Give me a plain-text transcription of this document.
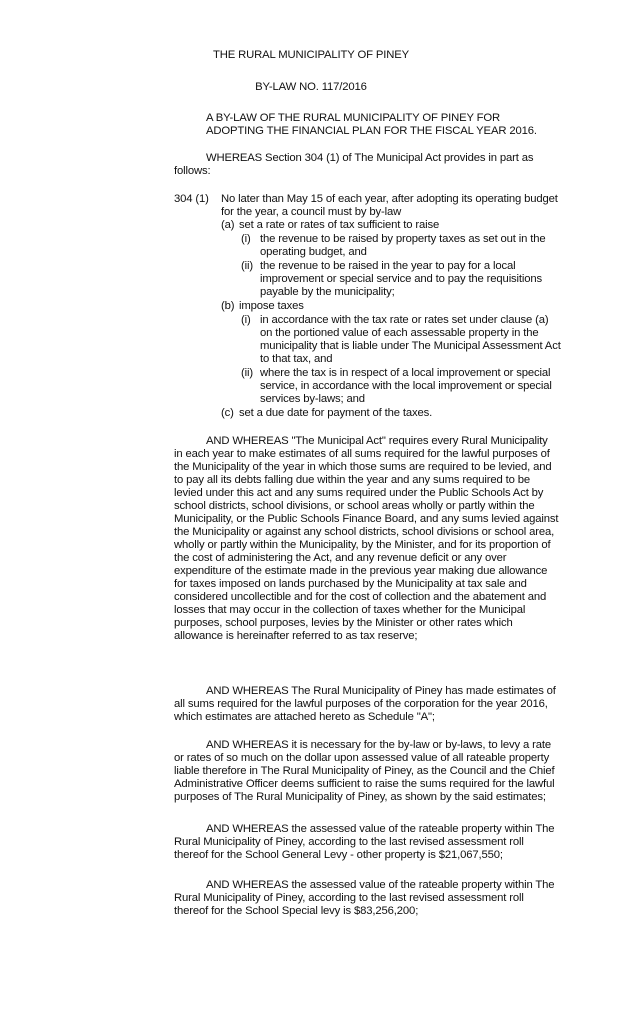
THE RURAL MUNICIPALITY OF PINEY
BY-LAW NO. 117/2016
A BY-LAW OF THE RURAL MUNICIPALITY OF PINEY FOR
ADOPTING THE FINANCIAL PLAN FOR THE FISCAL YEAR 2016.
WHEREAS Section 304 (1) of The Municipal Act provides in part as
follows:
304 (1) No later than May 15 of each year, after adopting its operating budget
for the year, a council must by by-law
(a) set a rate or rates of tax sufficient to raise
(i) the revenue to be raised by property taxes as set out in the
operating budget, and
(ii) the revenue to be raised in the year to pay for a local
improvement or special service and to pay the requisitions
payable by the municipality;
(b) impose taxes
(i) in accordance with the tax rate or rates set under clause (a)
on the portioned value of each assessable property in the
municipality that is liable under The Municipal Assessment Act
to that tax, and
(ii) where the tax is in respect of a local improvement or special
service, in accordance with the local improvement or special
services by-laws; and
(c) set a due date for payment of the taxes.
AND WHEREAS "The Municipal Act" requires every Rural Municipality
in each year to make estimates of all sums required for the lawful purposes of
the Municipality of the year in which those sums are required to be levied, and
to pay all its debts falling due within the year and any sums required to be
levied under this act and any sums required under the Public Schools Act by
school districts, school divisions, or school areas wholly or partly within the
Municipality, or the Public Schools Finance Board, and any sums levied against
the Municipality or against any school districts, school divisions or school area,
wholly or partly within the Municipality, by the Minister, and for its proportion of
the cost of administering the Act, and any revenue deficit or any over
expenditure of the estimate made in the previous year making due allowance
for taxes imposed on lands purchased by the Municipality at tax sale and
considered uncollectible and for the cost of collection and the abatement and
losses that may occur in the collection of taxes whether for the Municipal
purposes, school purposes, levies by the Minister or other rates which
allowance is hereinafter referred to as tax reserve;
AND WHEREAS The Rural Municipality of Piney has made estimates of
all sums required for the lawful purposes of the corporation for the year 2016,
which estimates are attached hereto as Schedule "A";
AND WHEREAS it is necessary for the by-law or by-laws, to levy a rate
or rates of so much on the dollar upon assessed value of all rateable property
liable therefore in The Rural Municipality of Piney, as the Council and the Chief
Administrative Officer deems sufficient to raise the sums required for the lawful
purposes of The Rural Municipality of Piney, as shown by the said estimates;
AND WHEREAS the assessed value of the rateable property within The
Rural Municipality of Piney, according to the last revised assessment roll
thereof for the School General Levy - other property is $21,067,550;
AND WHEREAS the assessed value of the rateable property within The
Rural Municipality of Piney, according to the last revised assessment roll
thereof for the School Special levy is $83,256,200;
